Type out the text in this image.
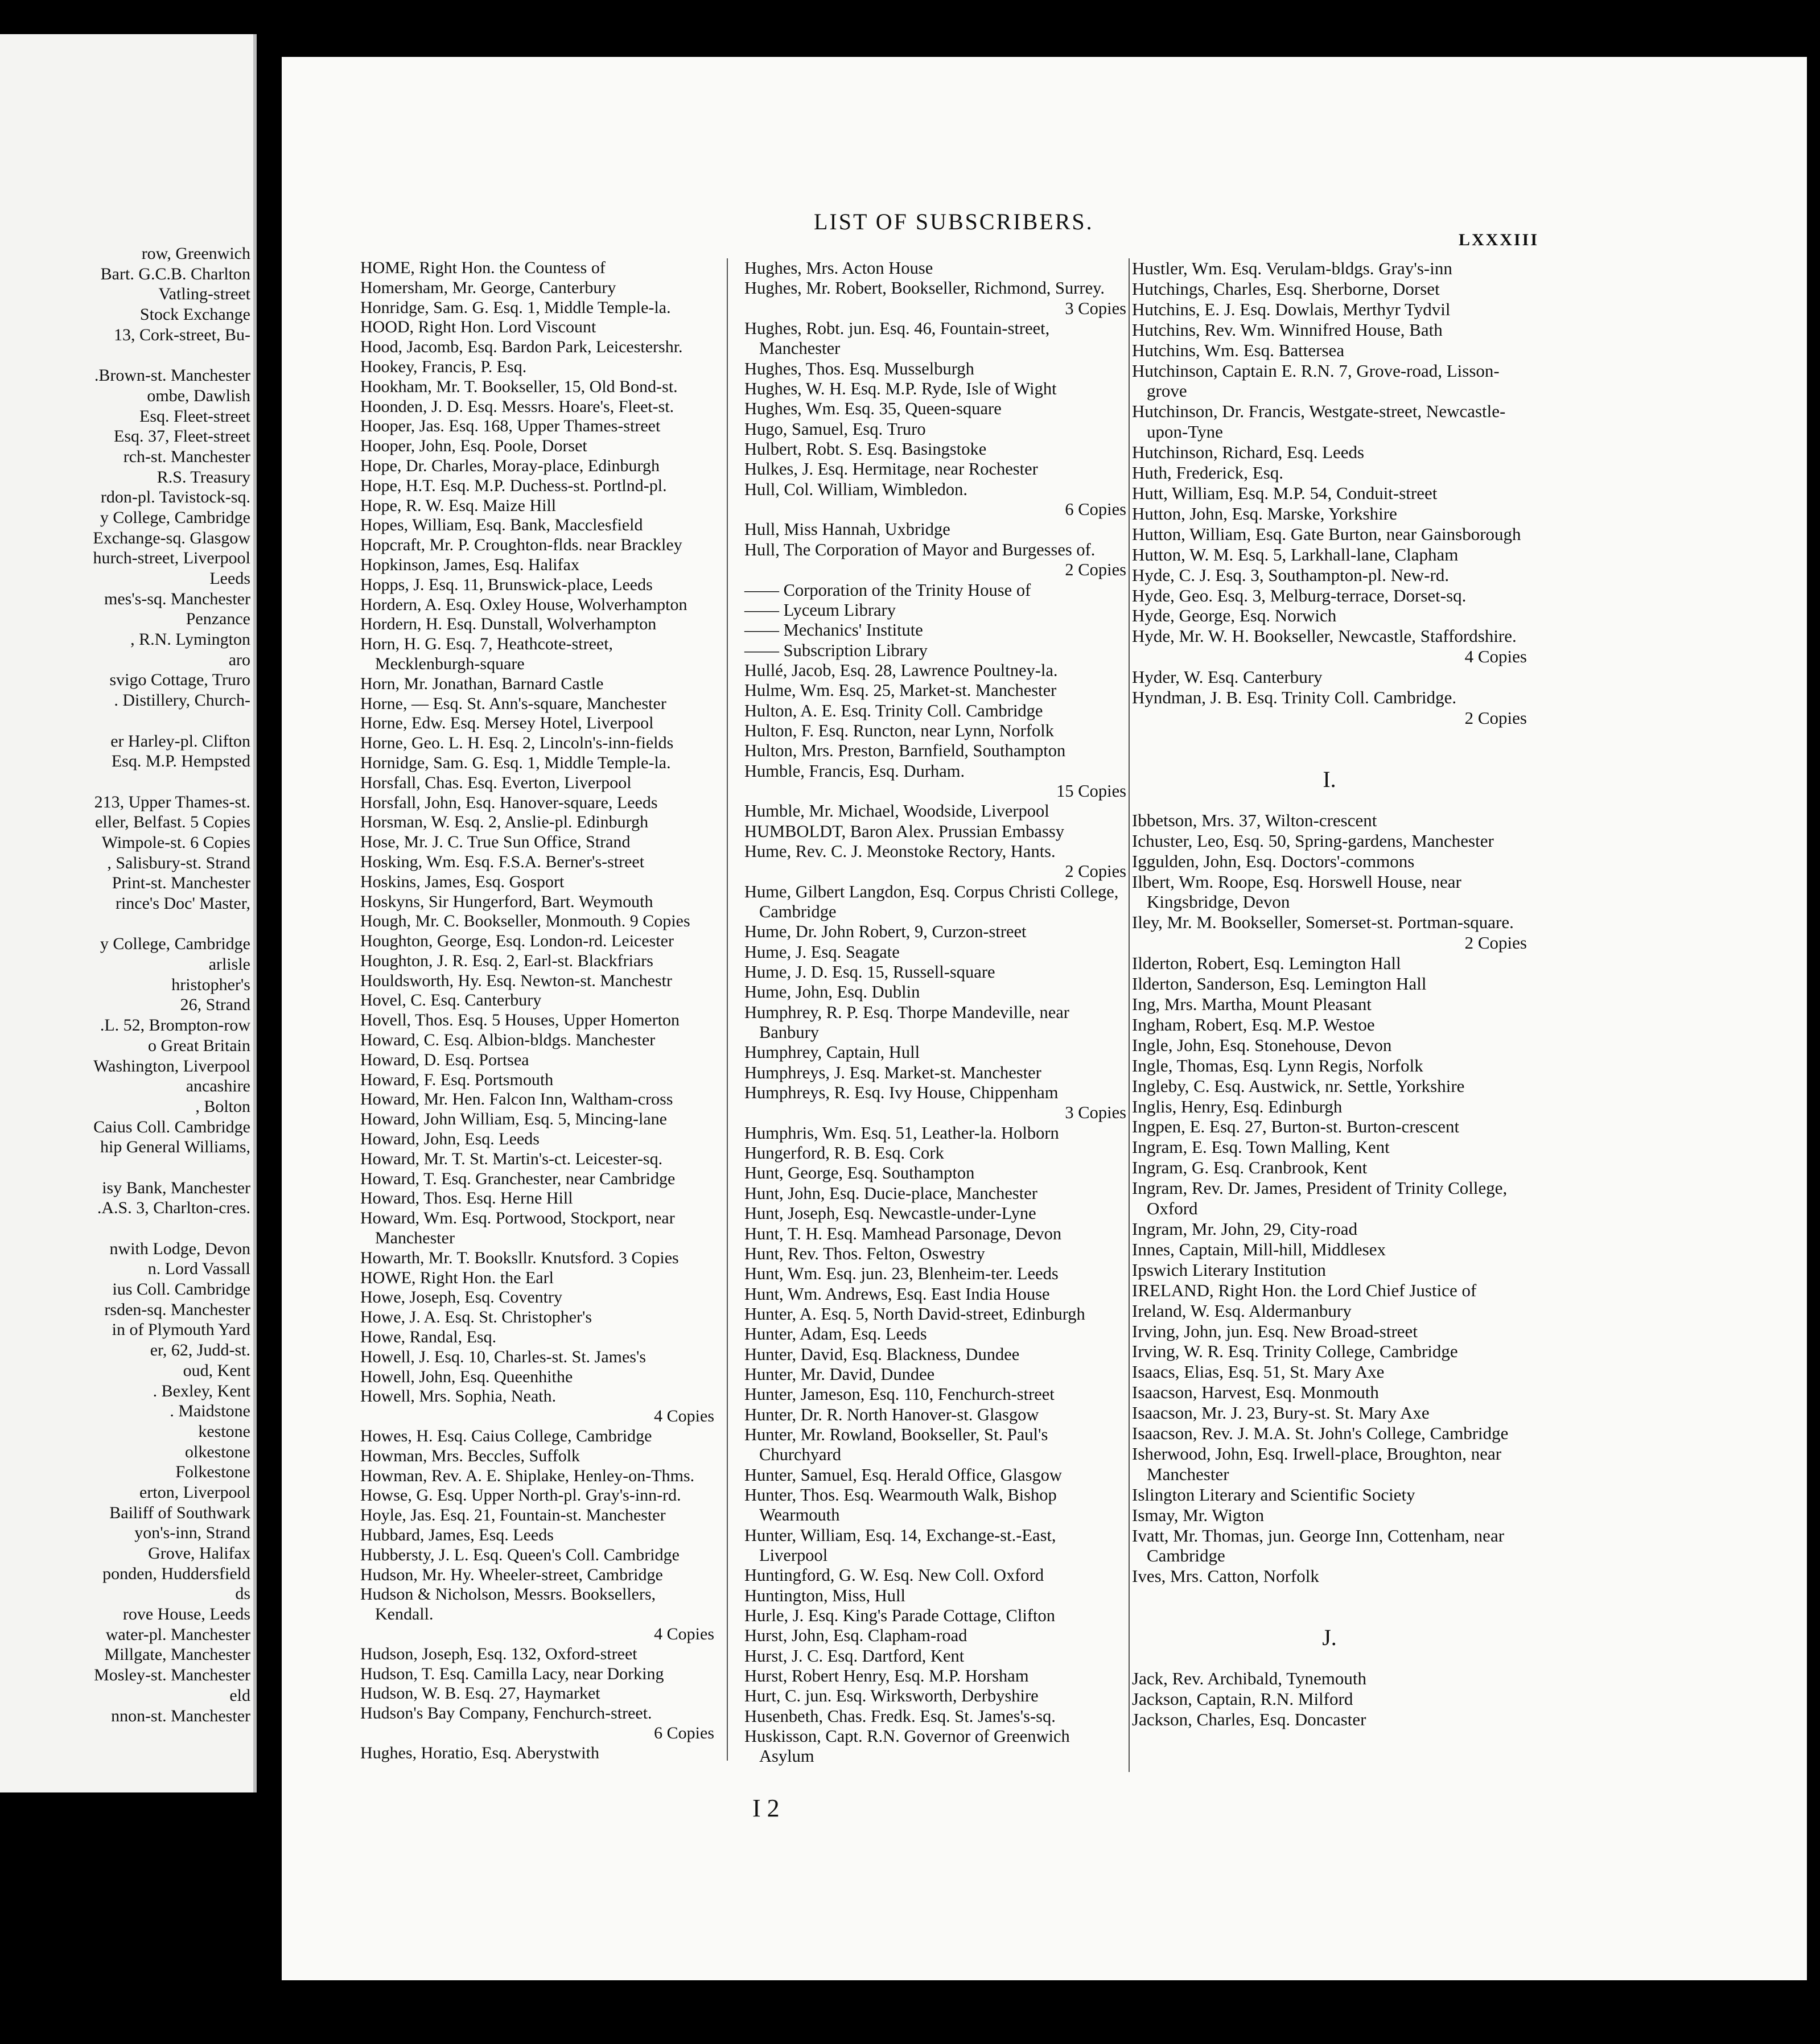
row, Greenwich
Bart. G.C.B. Charlton
Vatling-street
Stock Exchange
13, Cork-street, Bu-
.Brown-st. Manchester
ombe, Dawlish
Esq. Fleet-street
Esq. 37, Fleet-street
rch-st. Manchester
R.S. Treasury
rdon-pl. Tavistock-sq.
y College, Cambridge
Exchange-sq. Glasgow
hurch-street, Liverpool
Leeds
mes's-sq. Manchester
Penzance
, R.N. Lymington
aro
svigo Cottage, Truro
. Distillery, Church-
er Harley-pl. Clifton
Esq. M.P. Hempsted
213, Upper Thames-st.
eller, Belfast. 5 Copies
Wimpole-st. 6 Copies
, Salisbury-st. Strand
Print-st. Manchester
rince's Doc' Master,
y College, Cambridge
arlisle
hristopher's
26, Strand
.L. 52, Brompton-row
o Great Britain
Washington, Liverpool
ancashire
, Bolton
Caius Coll. Cambridge
hip General Williams,
isy Bank, Manchester
.A.S. 3, Charlton-cres.
nwith Lodge, Devon
n. Lord Vassall
ius Coll. Cambridge
rsden-sq. Manchester
in of Plymouth Yard
er, 62, Judd-st.
oud, Kent
. Bexley, Kent
. Maidstone
kestone
olkestone
Folkestone
erton, Liverpool
Bailiff of Southwark
yon's-inn, Strand
Grove, Halifax
ponden, Huddersfield
ds
rove House, Leeds
water-pl. Manchester
Millgate, Manchester
Mosley-st. Manchester
eld
nnon-st. Manchester
LIST OF SUBSCRIBERS.
LXXXIII
HOME, Right Hon. the Countess of
Homersham, Mr. George, Canterbury
Honridge, Sam. G. Esq. 1, Middle Temple-la.
HOOD, Right Hon. Lord Viscount
Hood, Jacomb, Esq. Bardon Park, Leicestershr.
Hookey, Francis, P. Esq.
Hookham, Mr. T. Bookseller, 15, Old Bond-st.
Hoonden, J. D. Esq. Messrs. Hoare's, Fleet-st.
Hooper, Jas. Esq. 168, Upper Thames-street
Hooper, John, Esq. Poole, Dorset
Hope, Dr. Charles, Moray-place, Edinburgh
Hope, H.T. Esq. M.P. Duchess-st. Portlnd-pl.
Hope, R. W. Esq. Maize Hill
Hopes, William, Esq. Bank, Macclesfield
Hopcraft, Mr. P. Croughton-flds. near Brackley
Hopkinson, James, Esq. Halifax
Hopps, J. Esq. 11, Brunswick-place, Leeds
Hordern, A. Esq. Oxley House, Wolverhampton
Hordern, H. Esq. Dunstall, Wolverhampton
Horn, H. G. Esq. 7, Heathcote-street, Mecklenburgh-square
Horn, Mr. Jonathan, Barnard Castle
Horne, — Esq. St. Ann's-square, Manchester
Horne, Edw. Esq. Mersey Hotel, Liverpool
Horne, Geo. L. H. Esq. 2, Lincoln's-inn-fields
Hornidge, Sam. G. Esq. 1, Middle Temple-la.
Horsfall, Chas. Esq. Everton, Liverpool
Horsfall, John, Esq. Hanover-square, Leeds
Horsman, W. Esq. 2, Anslie-pl. Edinburgh
Hose, Mr. J. C. True Sun Office, Strand
Hosking, Wm. Esq. F.S.A. Berner's-street
Hoskins, James, Esq. Gosport
Hoskyns, Sir Hungerford, Bart. Weymouth
Hough, Mr. C. Bookseller, Monmouth. 9 Copies
Houghton, George, Esq. London-rd. Leicester
Houghton, J. R. Esq. 2, Earl-st. Blackfriars
Houldsworth, Hy. Esq. Newton-st. Manchestr
Hovel, C. Esq. Canterbury
Hovell, Thos. Esq. 5 Houses, Upper Homerton
Howard, C. Esq. Albion-bldgs. Manchester
Howard, D. Esq. Portsea
Howard, F. Esq. Portsmouth
Howard, Mr. Hen. Falcon Inn, Waltham-cross
Howard, John William, Esq. 5, Mincing-lane
Howard, John, Esq. Leeds
Howard, Mr. T. St. Martin's-ct. Leicester-sq.
Howard, T. Esq. Granchester, near Cambridge
Howard, Thos. Esq. Herne Hill
Howard, Wm. Esq. Portwood, Stockport, near Manchester
Howarth, Mr. T. Booksllr. Knutsford. 3 Copies
HOWE, Right Hon. the Earl
Howe, Joseph, Esq. Coventry
Howe, J. A. Esq. St. Christopher's
Howe, Randal, Esq.
Howell, J. Esq. 10, Charles-st. St. James's
Howell, John, Esq. Queenhithe
Howell, Mrs. Sophia, Neath.
4 Copies
Howes, H. Esq. Caius College, Cambridge
Howman, Mrs. Beccles, Suffolk
Howman, Rev. A. E. Shiplake, Henley-on-Thms.
Howse, G. Esq. Upper North-pl. Gray's-inn-rd.
Hoyle, Jas. Esq. 21, Fountain-st. Manchester
Hubbard, James, Esq. Leeds
Hubbersty, J. L. Esq. Queen's Coll. Cambridge
Hudson, Mr. Hy. Wheeler-street, Cambridge
Hudson & Nicholson, Messrs. Booksellers, Kendall.
4 Copies
Hudson, Joseph, Esq. 132, Oxford-street
Hudson, T. Esq. Camilla Lacy, near Dorking
Hudson, W. B. Esq. 27, Haymarket
Hudson's Bay Company, Fenchurch-street.
6 Copies
Hughes, Horatio, Esq. Aberystwith
Hughes, Mrs. Acton House
Hughes, Mr. Robert, Bookseller, Richmond, Surrey.
3 Copies
Hughes, Robt. jun. Esq. 46, Fountain-street, Manchester
Hughes, Thos. Esq. Musselburgh
Hughes, W. H. Esq. M.P. Ryde, Isle of Wight
Hughes, Wm. Esq. 35, Queen-square
Hugo, Samuel, Esq. Truro
Hulbert, Robt. S. Esq. Basingstoke
Hulkes, J. Esq. Hermitage, near Rochester
Hull, Col. William, Wimbledon.
6 Copies
Hull, Miss Hannah, Uxbridge
Hull, The Corporation of Mayor and Burgesses of.
2 Copies
—— Corporation of the Trinity House of
—— Lyceum Library
—— Mechanics' Institute
—— Subscription Library
Hullé, Jacob, Esq. 28, Lawrence Poultney-la.
Hulme, Wm. Esq. 25, Market-st. Manchester
Hulton, A. E. Esq. Trinity Coll. Cambridge
Hulton, F. Esq. Runcton, near Lynn, Norfolk
Hulton, Mrs. Preston, Barnfield, Southampton
Humble, Francis, Esq. Durham.
15 Copies
Humble, Mr. Michael, Woodside, Liverpool
HUMBOLDT, Baron Alex. Prussian Embassy
Hume, Rev. C. J. Meonstoke Rectory, Hants.
2 Copies
Hume, Gilbert Langdon, Esq. Corpus Christi College, Cambridge
Hume, Dr. John Robert, 9, Curzon-street
Hume, J. Esq. Seagate
Hume, J. D. Esq. 15, Russell-square
Hume, John, Esq. Dublin
Humphrey, R. P. Esq. Thorpe Mandeville, near Banbury
Humphrey, Captain, Hull
Humphreys, J. Esq. Market-st. Manchester
Humphreys, R. Esq. Ivy House, Chippenham
3 Copies
Humphris, Wm. Esq. 51, Leather-la. Holborn
Hungerford, R. B. Esq. Cork
Hunt, George, Esq. Southampton
Hunt, John, Esq. Ducie-place, Manchester
Hunt, Joseph, Esq. Newcastle-under-Lyne
Hunt, T. H. Esq. Mamhead Parsonage, Devon
Hunt, Rev. Thos. Felton, Oswestry
Hunt, Wm. Esq. jun. 23, Blenheim-ter. Leeds
Hunt, Wm. Andrews, Esq. East India House
Hunter, A. Esq. 5, North David-street, Edinburgh
Hunter, Adam, Esq. Leeds
Hunter, David, Esq. Blackness, Dundee
Hunter, Mr. David, Dundee
Hunter, Jameson, Esq. 110, Fenchurch-street
Hunter, Dr. R. North Hanover-st. Glasgow
Hunter, Mr. Rowland, Bookseller, St. Paul's Churchyard
Hunter, Samuel, Esq. Herald Office, Glasgow
Hunter, Thos. Esq. Wearmouth Walk, Bishop Wearmouth
Hunter, William, Esq. 14, Exchange-st.-East, Liverpool
Huntingford, G. W. Esq. New Coll. Oxford
Huntington, Miss, Hull
Hurle, J. Esq. King's Parade Cottage, Clifton
Hurst, John, Esq. Clapham-road
Hurst, J. C. Esq. Dartford, Kent
Hurst, Robert Henry, Esq. M.P. Horsham
Hurt, C. jun. Esq. Wirksworth, Derbyshire
Husenbeth, Chas. Fredk. Esq. St. James's-sq.
Huskisson, Capt. R.N. Governor of Greenwich Asylum
Hustler, Wm. Esq. Verulam-bldgs. Gray's-inn
Hutchings, Charles, Esq. Sherborne, Dorset
Hutchins, E. J. Esq. Dowlais, Merthyr Tydvil
Hutchins, Rev. Wm. Winnifred House, Bath
Hutchins, Wm. Esq. Battersea
Hutchinson, Captain E. R.N. 7, Grove-road, Lisson-grove
Hutchinson, Dr. Francis, Westgate-street, Newcastle-upon-Tyne
Hutchinson, Richard, Esq. Leeds
Huth, Frederick, Esq.
Hutt, William, Esq. M.P. 54, Conduit-street
Hutton, John, Esq. Marske, Yorkshire
Hutton, William, Esq. Gate Burton, near Gainsborough
Hutton, W. M. Esq. 5, Larkhall-lane, Clapham
Hyde, C. J. Esq. 3, Southampton-pl. New-rd.
Hyde, Geo. Esq. 3, Melburg-terrace, Dorset-sq.
Hyde, George, Esq. Norwich
Hyde, Mr. W. H. Bookseller, Newcastle, Staffordshire.
4 Copies
Hyder, W. Esq. Canterbury
Hyndman, J. B. Esq. Trinity Coll. Cambridge.
2 Copies
I.
Ibbetson, Mrs. 37, Wilton-crescent
Ichuster, Leo, Esq. 50, Spring-gardens, Manchester
Iggulden, John, Esq. Doctors'-commons
Ilbert, Wm. Roope, Esq. Horswell House, near Kingsbridge, Devon
Iley, Mr. M. Bookseller, Somerset-st. Portman-square.
2 Copies
Ilderton, Robert, Esq. Lemington Hall
Ilderton, Sanderson, Esq. Lemington Hall
Ing, Mrs. Martha, Mount Pleasant
Ingham, Robert, Esq. M.P. Westoe
Ingle, John, Esq. Stonehouse, Devon
Ingle, Thomas, Esq. Lynn Regis, Norfolk
Ingleby, C. Esq. Austwick, nr. Settle, Yorkshire
Inglis, Henry, Esq. Edinburgh
Ingpen, E. Esq. 27, Burton-st. Burton-crescent
Ingram, E. Esq. Town Malling, Kent
Ingram, G. Esq. Cranbrook, Kent
Ingram, Rev. Dr. James, President of Trinity College, Oxford
Ingram, Mr. John, 29, City-road
Innes, Captain, Mill-hill, Middlesex
Ipswich Literary Institution
IRELAND, Right Hon. the Lord Chief Justice of
Ireland, W. Esq. Aldermanbury
Irving, John, jun. Esq. New Broad-street
Irving, W. R. Esq. Trinity College, Cambridge
Isaacs, Elias, Esq. 51, St. Mary Axe
Isaacson, Harvest, Esq. Monmouth
Isaacson, Mr. J. 23, Bury-st. St. Mary Axe
Isaacson, Rev. J. M.A. St. John's College, Cambridge
Isherwood, John, Esq. Irwell-place, Broughton, near Manchester
Islington Literary and Scientific Society
Ismay, Mr. Wigton
Ivatt, Mr. Thomas, jun. George Inn, Cottenham, near Cambridge
Ives, Mrs. Catton, Norfolk
J.
Jack, Rev. Archibald, Tynemouth
Jackson, Captain, R.N. Milford
Jackson, Charles, Esq. Doncaster
I 2
